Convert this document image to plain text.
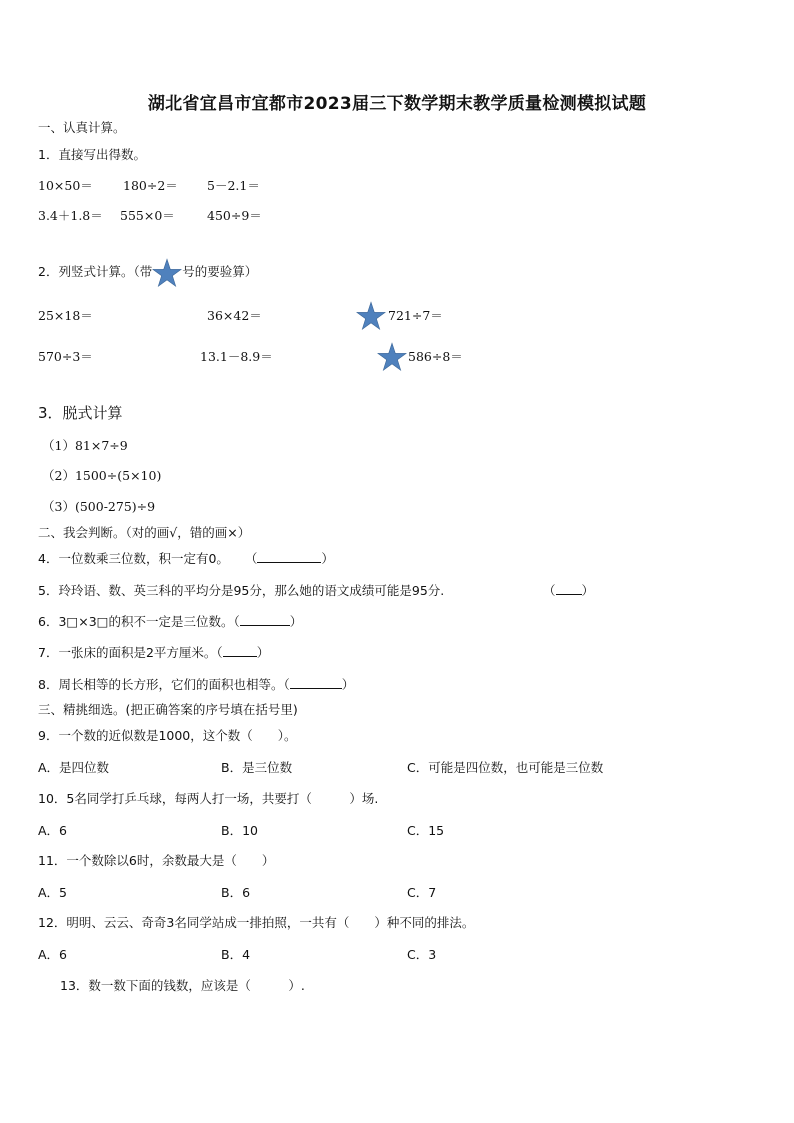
湖北省宜昌市宜都市2023届三下数学期末教学质量检测模拟试题
一、认真计算。
1．直接写出得数。
10×50＝ 180÷2＝ 5－2.1＝
3.4＋1.8＝ 555×0＝	450÷9＝
2．列竖式计算。（带 号的要验算）
25×18＝	36×42＝	721÷7＝
570÷3＝	13.1－8.9＝	586÷8＝
3．脱式计算
（1）81×7÷9
（2）1500÷(5×10)
（3）(500-275)÷9
二、我会判断。（对的画√，错的画×）
4．一位数乘三位数，积一定有0。 （	）
5．玲玲语、数、英三科的平均分是95分，那么她的语文成绩可能是95分.	（ ）
6．3□×3□的积不一定是三位数。（	）
7．一张床的面积是2平方厘米。（	）
8．周长相等的长方形，它们的面积也相等。（	）
三、精挑细选。(把正确答案的序号填在括号里)
9．一个数的近似数是1000，这个数（　　）。
A．是四位数	B．是三位数	C．可能是四位数，也可能是三位数
10．5名同学打乒乓球，每两人打一场，共要打（　　　）场.
A．6	B．10	C．15
11．一个数除以6时，余数最大是（　　）
A．5	B．6	C．7
12．明明、云云、奇奇3名同学站成一排拍照，一共有（　　）种不同的排法。
A．6	B．4	C．3
13．数一数下面的钱数，应该是（　　　）.
